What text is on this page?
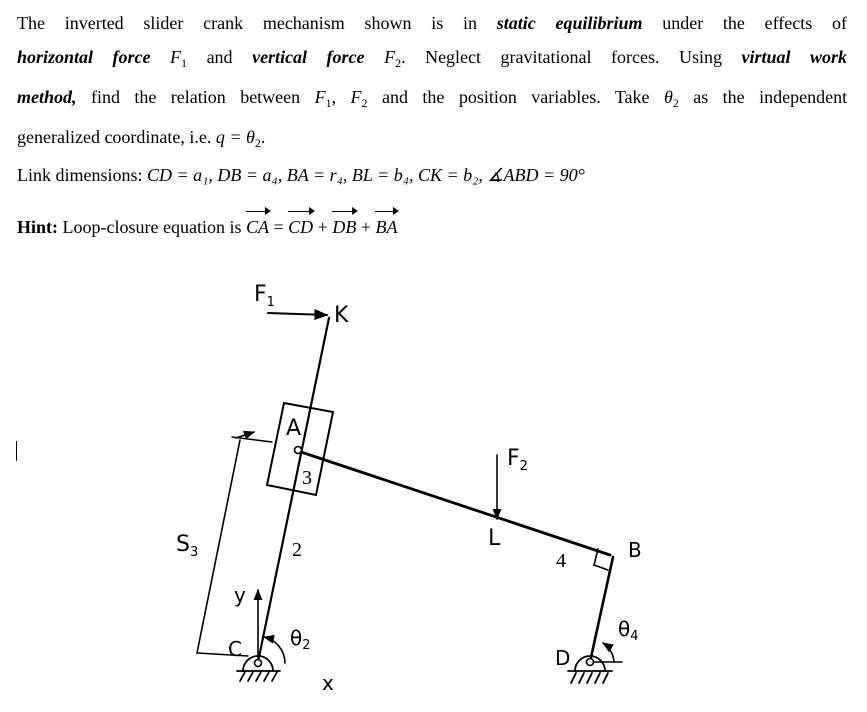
The inverted slider crank mechanism shown is in static equilibrium under the effects of
horizontal force $F_1$ and vertical force $F_2$. Neglect gravitational forces. Using virtual work
method, find the relation between $F_1$, $F_2$ and the position variables. Take $\theta_2$ as the independent
generalized coordinate, i.e. $q = \theta_2$.
Link dimensions: CD = a₁, DB = a₄, BA = r₄, BL = b₄, CK = b₂, ∡ABD = 90°
Hint: Loop-closure equation is CA = CD + DB + BA
$F_1$
K
A
3
$F_2$
L
2	4	B
$S_3$
y
C $\theta_2$
x
D
$\theta_4$
